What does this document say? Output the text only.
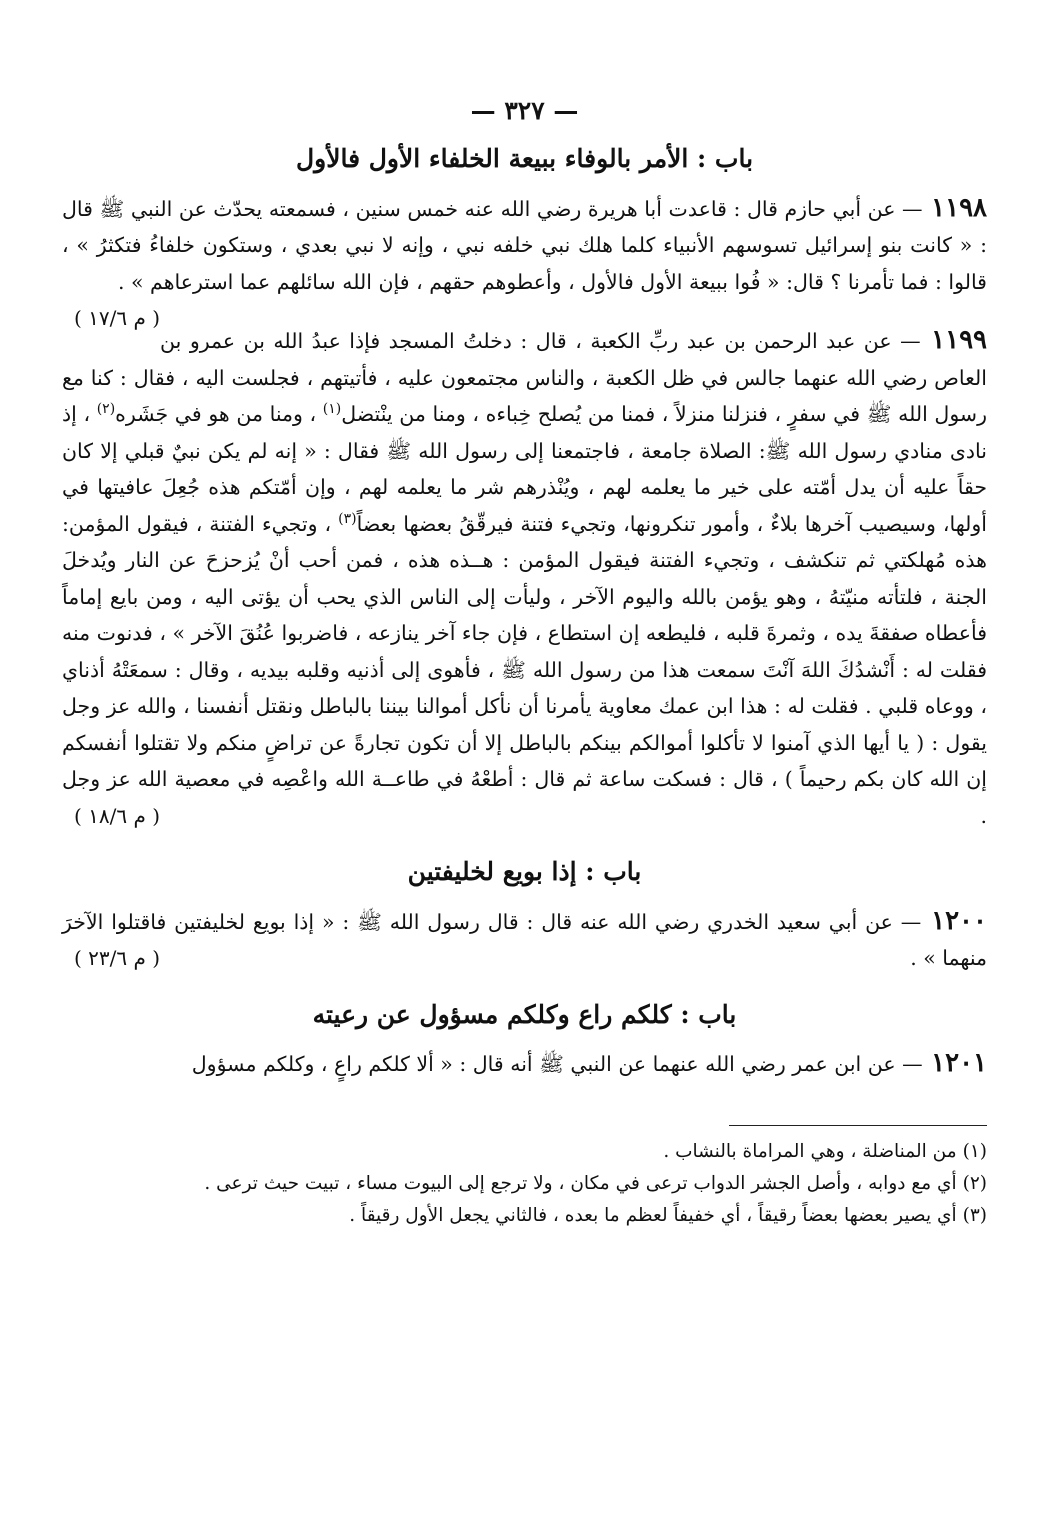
— ٣٢٧ —
باب : الأمر بالوفاء ببيعة الخلفاء الأول فالأول

١١٩٨ — عن أبي حازم قال : قاعدت أبا هريرة رضي الله عنه خمس سنين ، فسمعته يحدّث عن النبي ﷺ قال : « كانت بنو إسرائيل تسوسهم الأنبياء كلما هلك نبي خلفه نبي ، وإنه لا نبي بعدي ، وستكون خلفاءُ فتكثرُ » ، قالوا : فما تأمرنا ؟ قال: « فُوا ببيعة الأول فالأول ، وأعطوهم حقهم ، فإن الله سائلهم عما استرعاهم » .
( م ١٧/٦ )

١١٩٩ — عن عبد الرحمن بن عبد ربِّ الكعبة ، قال : دخلتُ المسجد فإذا عبدُ الله بن عمرو بن العاص رضي الله عنهما جالس في ظل الكعبة ، والناس مجتمعون عليه ، فأتيتهم ، فجلست اليه ، فقال : كنا مع رسول الله ﷺ في سفرٍ ، فنزلنا منزلاً ، فمنا من يُصلح خِباءه ، ومنا من ينْتضل$^{(١)}$ ، ومنا من هو في جَشَره$^{(٢)}$ ، إذ نادى منادي رسول الله ﷺ: الصلاة جامعة ، فاجتمعنا إلى رسول الله ﷺ فقال : « إنه لم يكن نبيٌ قبلي إلا كان حقاً عليه أن يدل أمّته على خير ما يعلمه لهم ، ويُنْذرهم شر ما يعلمه لهم ، وإن أمّتكم هذه جُعِلَ عافيتها في أولها، وسيصيب آخرها بلاءٌ ، وأمور تنكرونها، وتجيء فتنة فيرقّقُ بعضها بعضاً$^{(٣)}$ ، وتجيء الفتنة ، فيقول المؤمن: هذه مُهلكتي ثم تنكشف ، وتجيء الفتنة فيقول المؤمن : هــذه هذه ، فمن أحب أنْ يُزحزحَ عن النار ويُدخلَ الجنة ، فلتأته منيّتهُ ، وهو يؤمن بالله واليوم الآخر ، وليأت إلى الناس الذي يحب أن يؤتى اليه ، ومن بايع إماماً فأعطاه صفقةَ يده ، وثمرةَ قلبه ، فليطعه إن استطاع ، فإن جاء آخر ينازعه ، فاضربوا عُنُقَ الآخر » ، فدنوت منه فقلت له : أَنْشدُكَ اللهَ آنْتَ سمعت هذا من رسول الله ﷺ ، فأهوى إلى أذنيه وقلبه بيديه ، وقال : سمعَتْهُ أذناي ، ووعاه قلبي . فقلت له : هذا ابن عمك معاوية يأمرنا أن نأكل أموالنا بيننا بالباطل ونقتل أنفسنا ، والله عز وجل يقول : ( يا أيها الذي آمنوا لا تأكلوا أموالكم بينكم بالباطل إلا أن تكون تجارةً عن تراضٍ منكم ولا تقتلوا أنفسكم إن الله كان بكم رحيماً ) ، قال : فسكت ساعة ثم قال : أطعْهُ في طاعــة الله واعْصِه في معصية الله عز وجل .
( م ١٨/٦ )

باب : إذا بويع لخليفتين

١٢٠٠ — عن أبي سعيد الخدري رضي الله عنه قال : قال رسول الله ﷺ : « إذا بويع لخليفتين فاقتلوا الآخرَ منهما » .
( م ٢٣/٦ )

باب : كلكم راع وكلكم مسؤول عن رعيته

١٢٠١ — عن ابن عمر رضي الله عنهما عن النبي ﷺ أنه قال : « ألا كلكم راعٍ ، وكلكم مسؤول

(١)من المناضلة ، وهي المراماة بالنشاب .

(٢)أي مع دوابه ، وأصل الجشر الدواب ترعى في مكان ، ولا ترجع إلى البيوت مساء ، تبيت حيث ترعى .

(٣)أي يصير بعضها بعضاً رقيقاً ، أي خفيفاً لعظم ما بعده ، فالثاني يجعل الأول رقيقاً .
